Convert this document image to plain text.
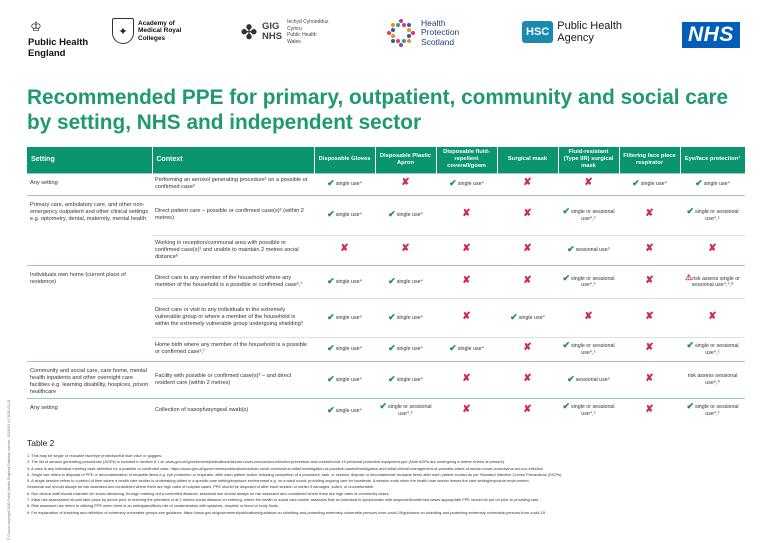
♔
Public Health
England
✦
Academy of
Medical Royal
Colleges	✤ GIG
NHS
Iechyd Cyhoeddus
Cymru
Public Health
Wales
Health
Protection
Scotland
HSC Public Health
Agency	NHS
Recommended PPE for primary, outpatient, community and social care by setting, NHS and independent sector
Setting	Context	Disposable Gloves	Disposable Plastic Apron	Disposable fluid-repellent coverall/gown	Surgical mask	Fluid-resistant (Type IIR) surgical mask	Filtering face piece respirator	Eye/face protection¹
Any setting	Performing an aerosol generating procedure² on a possible or confirmed case³	✔single use⁴	✘	✔single use⁴	✘	✘	✔single use⁴	✔single use⁴
Primary care, ambulatory care, and other non-emergency outpatient and other clinical settings e.g. optometry, dental, maternity, mental health	Direct patient care – possible or confirmed case(s)³ (within 2 metres)	✔single use⁴	✔single use⁴	✘	✘	✔single or sessional use⁴,⁵	✘	✔single or sessional use⁴,⁵
	Working in reception/communal area with possible or confirmed case(s)³ and unable to maintain 2 metres social distance⁶	✘	✘	✘	✘	✔sessional use⁵	✘	✘
Individuals own home (current place of residence)	Direct care to any member of the household where any member of the household is a possible or confirmed case³,⁷	✔single use⁴	✔single use⁴	✘	✘	✔single or sessional use⁴,⁵	✘	⚠risk assess single or sessional use⁴,⁵,⁸
	Direct care or visit to any individuals in the extremely vulnerable group or where a member of the household is within the extremely vulnerable group undergoing shielding⁹	✔single use⁴	✔single use⁴	✘	✔single use⁴	✘	✘	✘
	Home birth where any member of the household is a possible or confirmed case³,⁷	✔single use⁴	✔single use⁴	✔single use⁴	✘	✔single or sessional use⁴,⁵	✘	✔single or sessional use⁴,⁵
Community and social care, care home, mental health inpatients and other overnight care facilities e.g. learning disability, hospices, prison healthcare	Facility with possible or confirmed case(s)³ – and direct resident care (within 2 metres)	✔single use⁴	✔single use⁴	✘	✘	✔sessional use⁵	✘	risk assess sessional use⁵,⁸
Any setting	Collection of nasopharyngeal swab(s)	✔single use⁴	✔single or sessional use⁴,⁵	✘	✘	✔single or sessional use⁴,⁵	✘	✔single or sessional use⁴,⁵
Table 2
1. This may be single or reusable face/eye protection/full face visor or goggles.
2. The list of aerosol generating procedures (AGPs) is included in section 8.1 at: www.gov.uk/government/publications/wuhan-novel-coronavirus-infection-prevention-and-control/covid-19-personal-protective-equipment-ppe (Note AGPs are undergoing a further review at present).
3. A case is any individual meeting case definition for a possible or confirmed case: https://www.gov.uk/government/publications/wuhan-novel-coronavirus-initial-investigation-of-possible-cases/investigation-and-initial-clinical-management-of-possible-cases-of-wuhan-novel-coronavirus-wn-cov-infection
4. Single use refers to disposal of PPE or decontamination of reusable items e.g. eye protection or respirator, after each patient and/or following completion of a procedure, task, or session; dispose or decontaminate reusable items after each patient contact as per Standard Infection Control Precautions (SICPs).
5. A single session refers to a period of time where a health care worker is undertaking duties in a specific care setting/exposure environment e.g. on a ward round; providing ongoing care for inpatients. A session ends when the health care worker leaves the care setting/exposure environment.
Sessional use should always be risk assessed and considered where there are high rates of hospital cases. PPE should be disposed of after each session or earlier if damaged, soiled, or uncomfortable.
6. Non clinical staff should maintain 2m social distancing, through marking out a controlled distance; sessional use should always be risk assessed and considered where there are high rates of community cases.
7. Initial risk assessment should take place by phone prior to entering the premises or at 2 metres social distance on entering; where the health or social care worker assesses that an individual is symptomatic with suspected/confirmed cases appropriate PPE should be put on prior to providing care.
8. Risk assessed use refers to utilising PPE when there is an anticipated/likely risk of contamination with splashes, droplets or blood or body fluids.
9. For explanation of shielding and definition of extremely vulnerable groups see guidance: https://www.gov.uk/government/publications/guidance-on-shielding-and-protecting-extremely-vulnerable-persons-from-covid-19/guidance-on-shielding-and-protecting-extremely-vulnerable-persons-from-covid-19
© Crown copyright 2020 Public Health England Gateway number: 2019002 V1 2020-04-05
